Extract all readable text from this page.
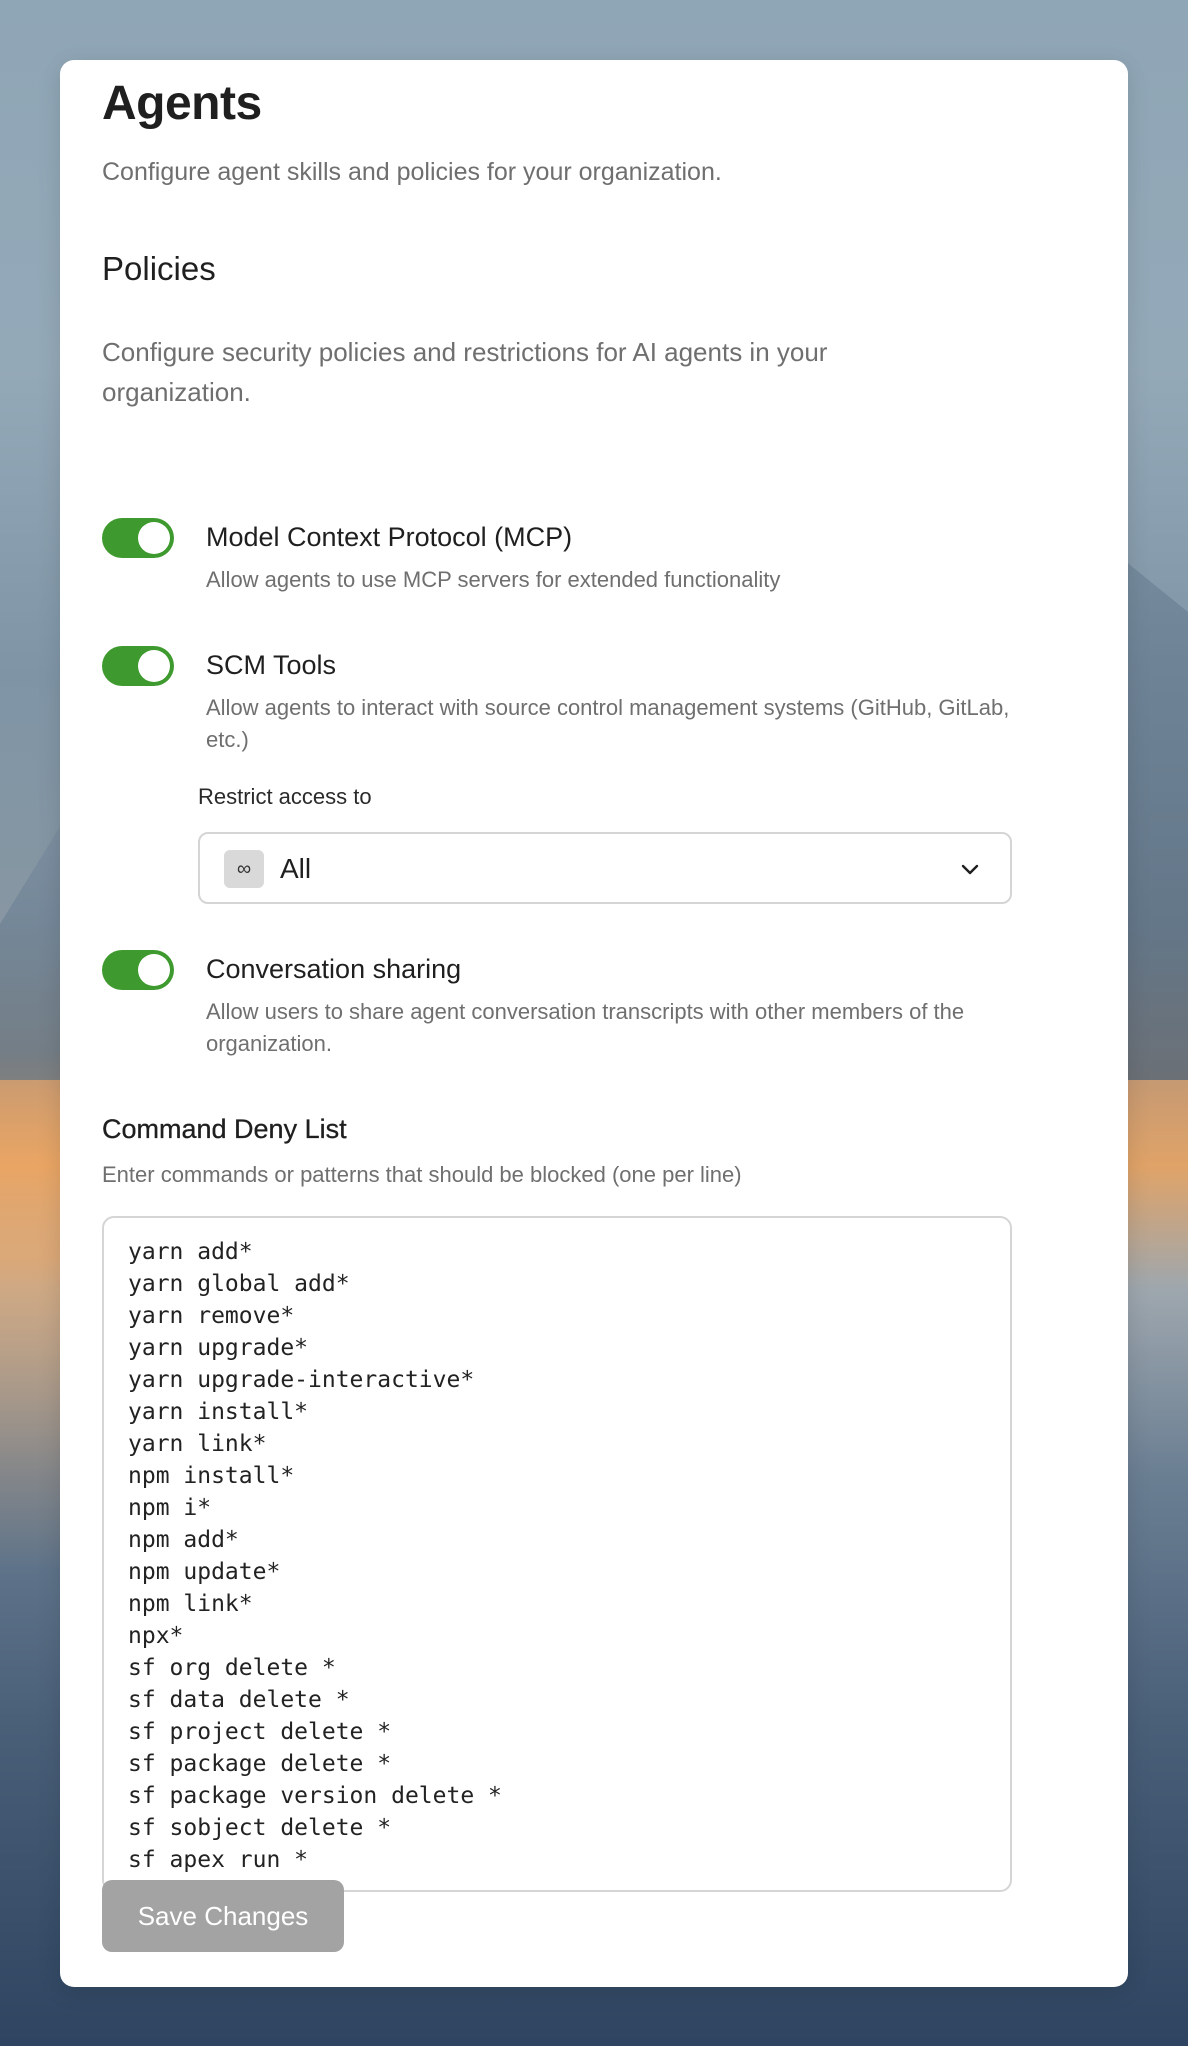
Agents

Configure agent skills and policies for your organization.

Policies

Configure security policies and restrictions for AI agents in your organization.

Model Context Protocol (MCP)
Allow agents to use MCP servers for extended functionality
SCM Tools
Allow agents to interact with source control management systems (GitHub, GitLab, etc.)
Restrict access to
∞	All
Conversation sharing
Allow users to share agent conversation transcripts with other members of the organization.
Command Deny List

Enter commands or patterns that should be blocked (one per line)

yarn add*
yarn global add*
yarn remove*
yarn upgrade*
yarn upgrade-interactive*
yarn install*
yarn link*
npm install*
npm i*
npm add*
npm update*
npm link*
npx*
sf org delete *
sf data delete *
sf project delete *
sf package delete *
sf package version delete *
sf sobject delete *
sf apex run *
Save Changes
